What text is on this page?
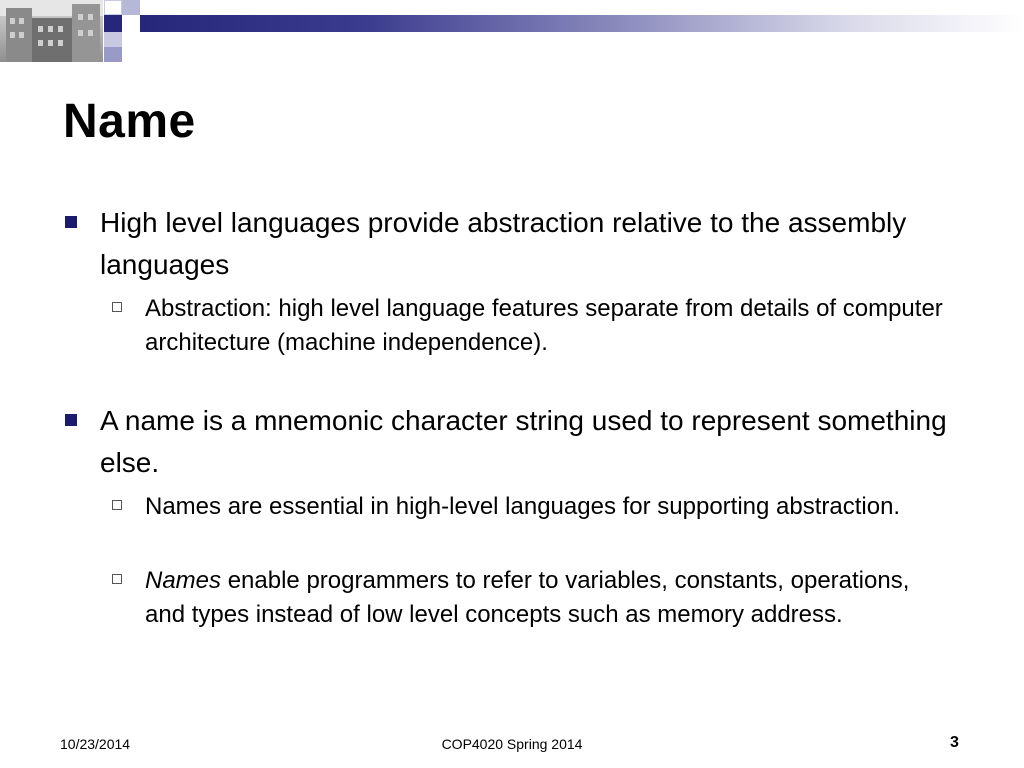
Name
High level languages provide abstraction relative to the assembly languages
Abstraction: high level language features separate from details of computer architecture (machine independence).
A name is a mnemonic character string used to represent something else.
Names are essential in high-level languages for supporting abstraction.
Names enable programmers to refer to variables, constants, operations, and types instead of low level concepts such as memory address.
10/23/2014	COP4020 Spring 2014	3
